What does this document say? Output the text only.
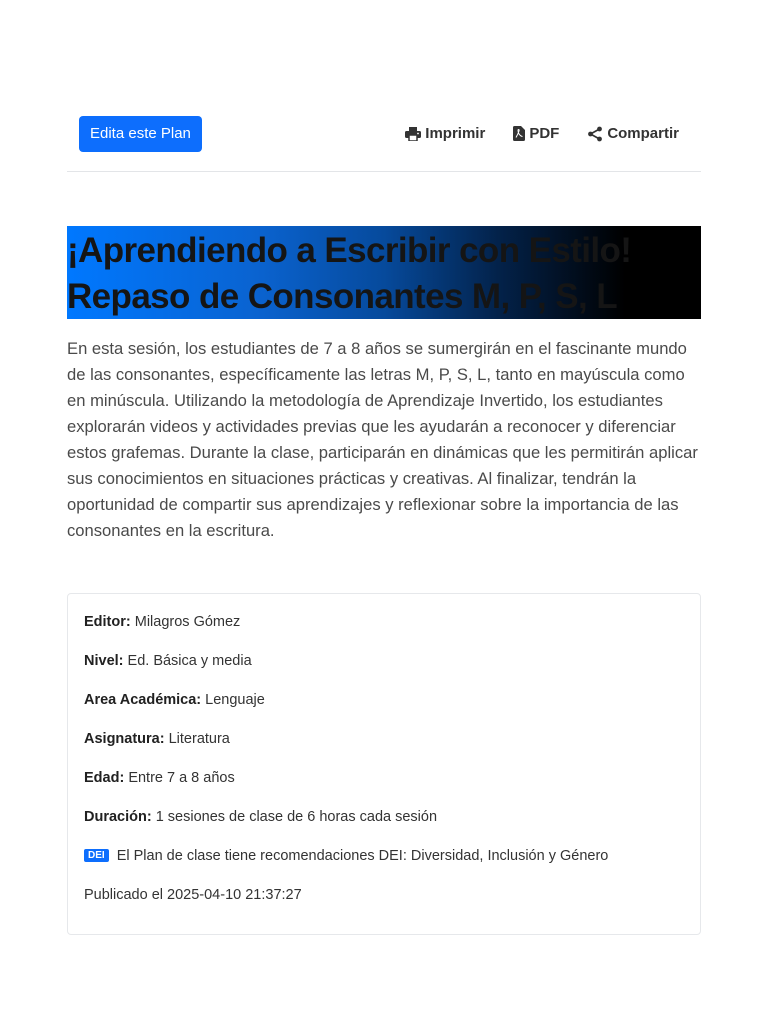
Edita este Plan	Imprimir	PDF	Compartir
¡Aprendiendo a Escribir con Estilo!
Repaso de Consonantes M, P, S, L

En esta sesión, los estudiantes de 7 a 8 años se sumergirán en el fascinante mundo de las consonantes, específicamente las letras M, P, S, L, tanto en mayúscula como en minúscula. Utilizando la metodología de Aprendizaje Invertido, los estudiantes explorarán videos y actividades previas que les ayudarán a reconocer y diferenciar estos grafemas. Durante la clase, participarán en dinámicas que les permitirán aplicar sus conocimientos en situaciones prácticas y creativas. Al finalizar, tendrán la oportunidad de compartir sus aprendizajes y reflexionar sobre la importancia de las consonantes en la escritura.

Editor: Milagros Gómez
Nivel: Ed. Básica y media
Area Académica: Lenguaje
Asignatura: Literatura
Edad: Entre 7 a 8 años
Duración: 1 sesiones de clase de 6 horas cada sesión
DEI El Plan de clase tiene recomendaciones DEI: Diversidad, Inclusión y Género
Publicado el 2025-04-10 21:37:27
